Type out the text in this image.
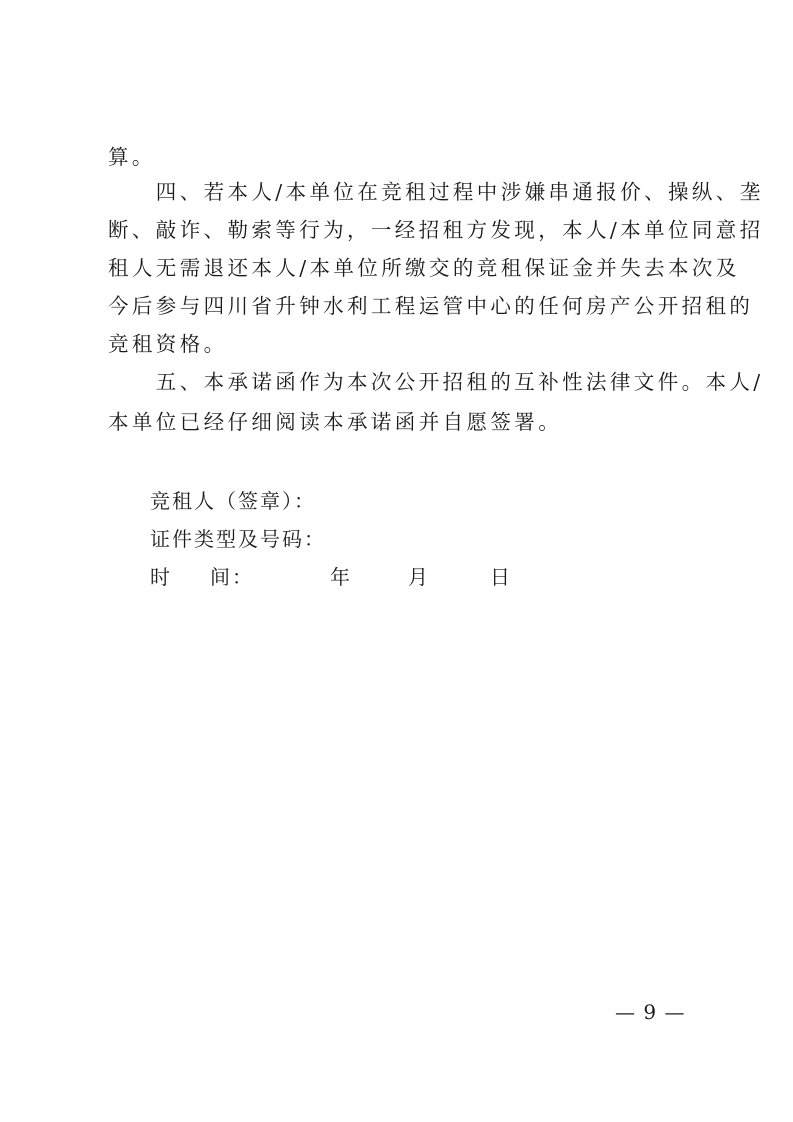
算。
　　四、若本人/本单位在竞租过程中涉嫌串通报价、操纵、垄
断、敲诈、勒索等行为，一经招租方发现，本人/本单位同意招
租人无需退还本人/本单位所缴交的竞租保证金并失去本次及
今后参与四川省升钟水利工程运管中心的任何房产公开招租的
竞租资格。
　　五、本承诺函作为本次公开招租的互补性法律文件。本人/
本单位已经仔细阅读本承诺函并自愿签署。
竞租人（签章）：
证件类型及号码：
时 间：	年	月	日
— 9 —
